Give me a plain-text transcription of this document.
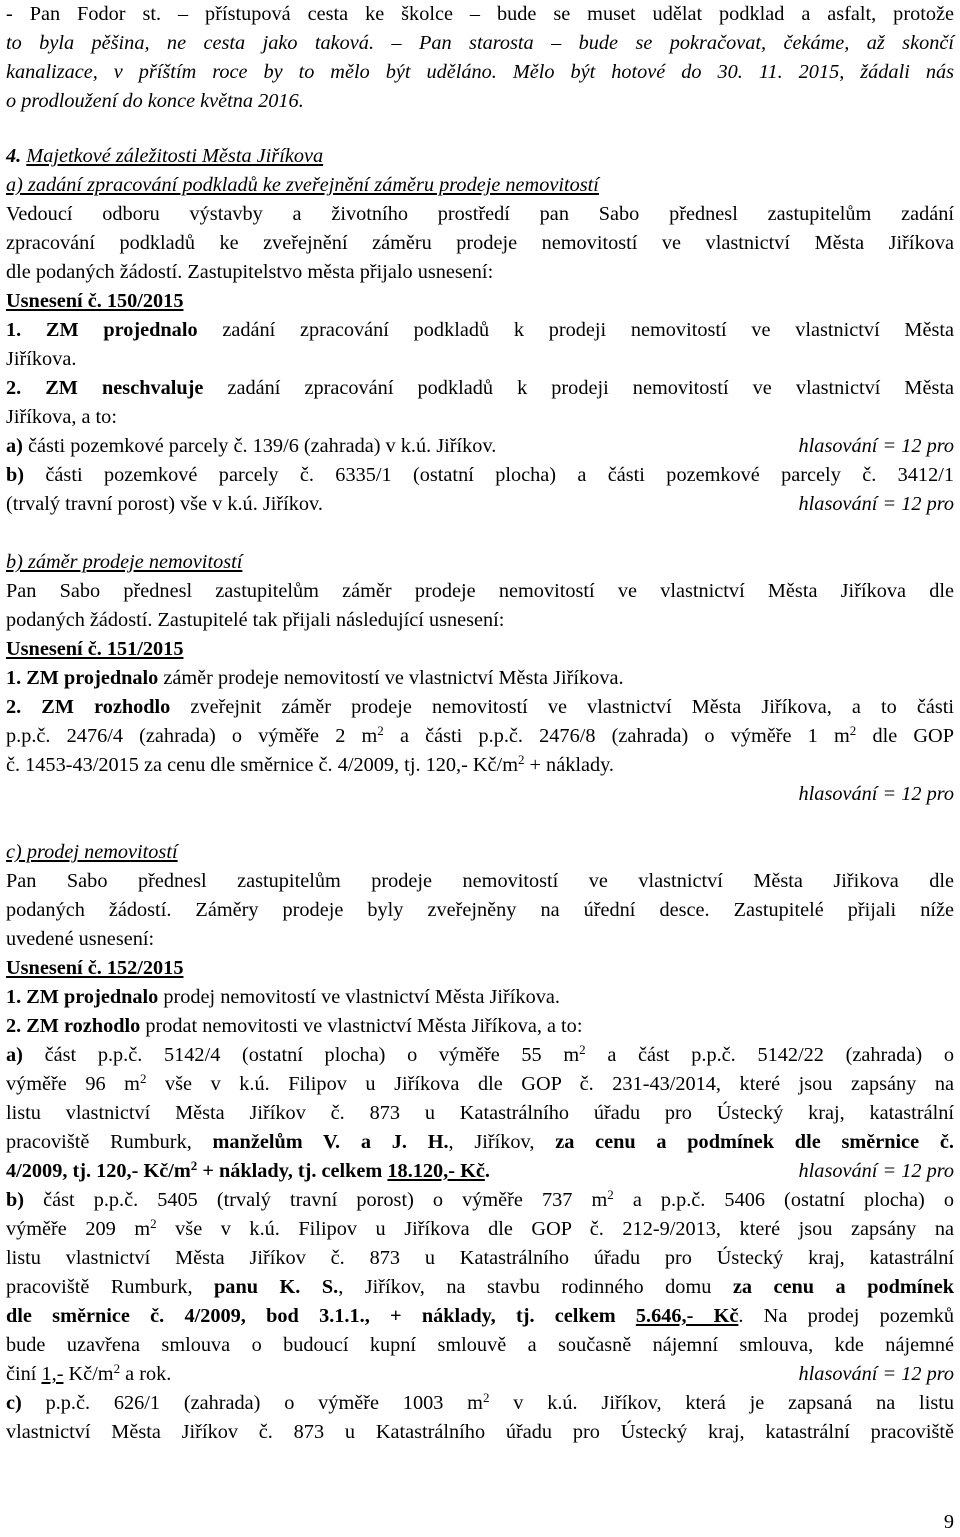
- Pan Fodor st. – přístupová cesta ke školce – bude se muset udělat podklad a asfalt, protože
to byla pěšina, ne cesta jako taková. – Pan starosta – bude se pokračovat, čekáme, až skončí
kanalizace, v příštím roce by to mělo být uděláno. Mělo být hotové do 30. 11. 2015, žádali nás
o prodloužení do konce května 2016.
4. Majetkové záležitosti Města Jiříkova
a) zadání zpracování podkladů ke zveřejnění záměru prodeje nemovitostí
Vedoucí odboru výstavby a životního prostředí pan Sabo přednesl zastupitelům zadání
zpracování podkladů ke zveřejnění záměru prodeje nemovitostí ve vlastnictví Města Jiříkova
dle podaných žádostí. Zastupitelstvo města přijalo usnesení:
Usnesení č. 150/2015
1. ZM projednalo zadání zpracování podkladů k prodeji nemovitostí ve vlastnictví Města
Jiříkova.
2. ZM neschvaluje zadání zpracování podkladů k prodeji nemovitostí ve vlastnictví Města
Jiříkova, a to:
a) části pozemkové parcely č. 139/6 (zahrada) v k.ú. Jiříkov.	hlasování = 12 pro
b) části pozemkové parcely č. 6335/1 (ostatní plocha) a části pozemkové parcely č. 3412/1
(trvalý travní porost) vše v k.ú. Jiříkov.	hlasování = 12 pro
b) záměr prodeje nemovitostí
Pan Sabo přednesl zastupitelům záměr prodeje nemovitostí ve vlastnictví Města Jiříkova dle
podaných žádostí. Zastupitelé tak přijali následující usnesení:
Usnesení č. 151/2015
1. ZM projednalo záměr prodeje nemovitostí ve vlastnictví Města Jiříkova.
2. ZM rozhodlo zveřejnit záměr prodeje nemovitostí ve vlastnictví Města Jiříkova, a to části
p.p.č. 2476/4 (zahrada) o výměře 2 $m^2$ a části p.p.č. 2476/8 (zahrada) o výměře 1 $m^2$ dle GOP
č. 1453-43/2015 za cenu dle směrnice č. 4/2009, tj. 120,- $Kč/m^2$ + náklady.
hlasování = 12 pro
c) prodej nemovitostí
Pan Sabo přednesl zastupitelům prodeje nemovitostí ve vlastnictví Města Jiřikova dle
podaných žádostí. Záměry prodeje byly zveřejněny na úřední desce. Zastupitelé přijali níže
uvedené usnesení:
Usnesení č. 152/2015
1. ZM projednalo prodej nemovitostí ve vlastnictví Města Jiříkova.
2. ZM rozhodlo prodat nemovitosti ve vlastnictví Města Jiříkova, a to:
a) část p.p.č. 5142/4 (ostatní plocha) o výměře 55 $m^2$ a část p.p.č. 5142/22 (zahrada) o
výměře 96 $m^2$ vše v k.ú. Filipov u Jiříkova dle GOP č. 231-43/2014, které jsou zapsány na
listu vlastnictví Města Jiříkov č. 873 u Katastrálního úřadu pro Ústecký kraj, katastrální
pracoviště Rumburk, manželům V. a J. H., Jiříkov, za cenu a podmínek dle směrnice č.
4/2009, tj. 120,- $Kč/m^2$ + náklady, tj. celkem 18.120,- Kč.	hlasování = 12 pro
b) část p.p.č. 5405 (trvalý travní porost) o výměře 737 $m^2$ a p.p.č. 5406 (ostatní plocha) o
výměře 209 $m^2$ vše v k.ú. Filipov u Jiříkova dle GOP č. 212-9/2013, které jsou zapsány na
listu vlastnictví Města Jiříkov č. 873 u Katastrálního úřadu pro Ústecký kraj, katastrální
pracoviště Rumburk, panu K. S., Jiříkov, na stavbu rodinného domu za cenu a podmínek
dle směrnice č. 4/2009, bod 3.1.1., + náklady, tj. celkem 5.646,- Kč. Na prodej pozemků
bude uzavřena smlouva o budoucí kupní smlouvě a současně nájemní smlouva, kde nájemné
činí 1,- $Kč/m^2$ a rok.	hlasování = 12 pro
c) p.p.č. 626/1 (zahrada) o výměře 1003 $m^2$ v k.ú. Jiříkov, která je zapsaná na listu
vlastnictví Města Jiříkov č. 873 u Katastrálního úřadu pro Ústecký kraj, katastrální pracoviště
9
